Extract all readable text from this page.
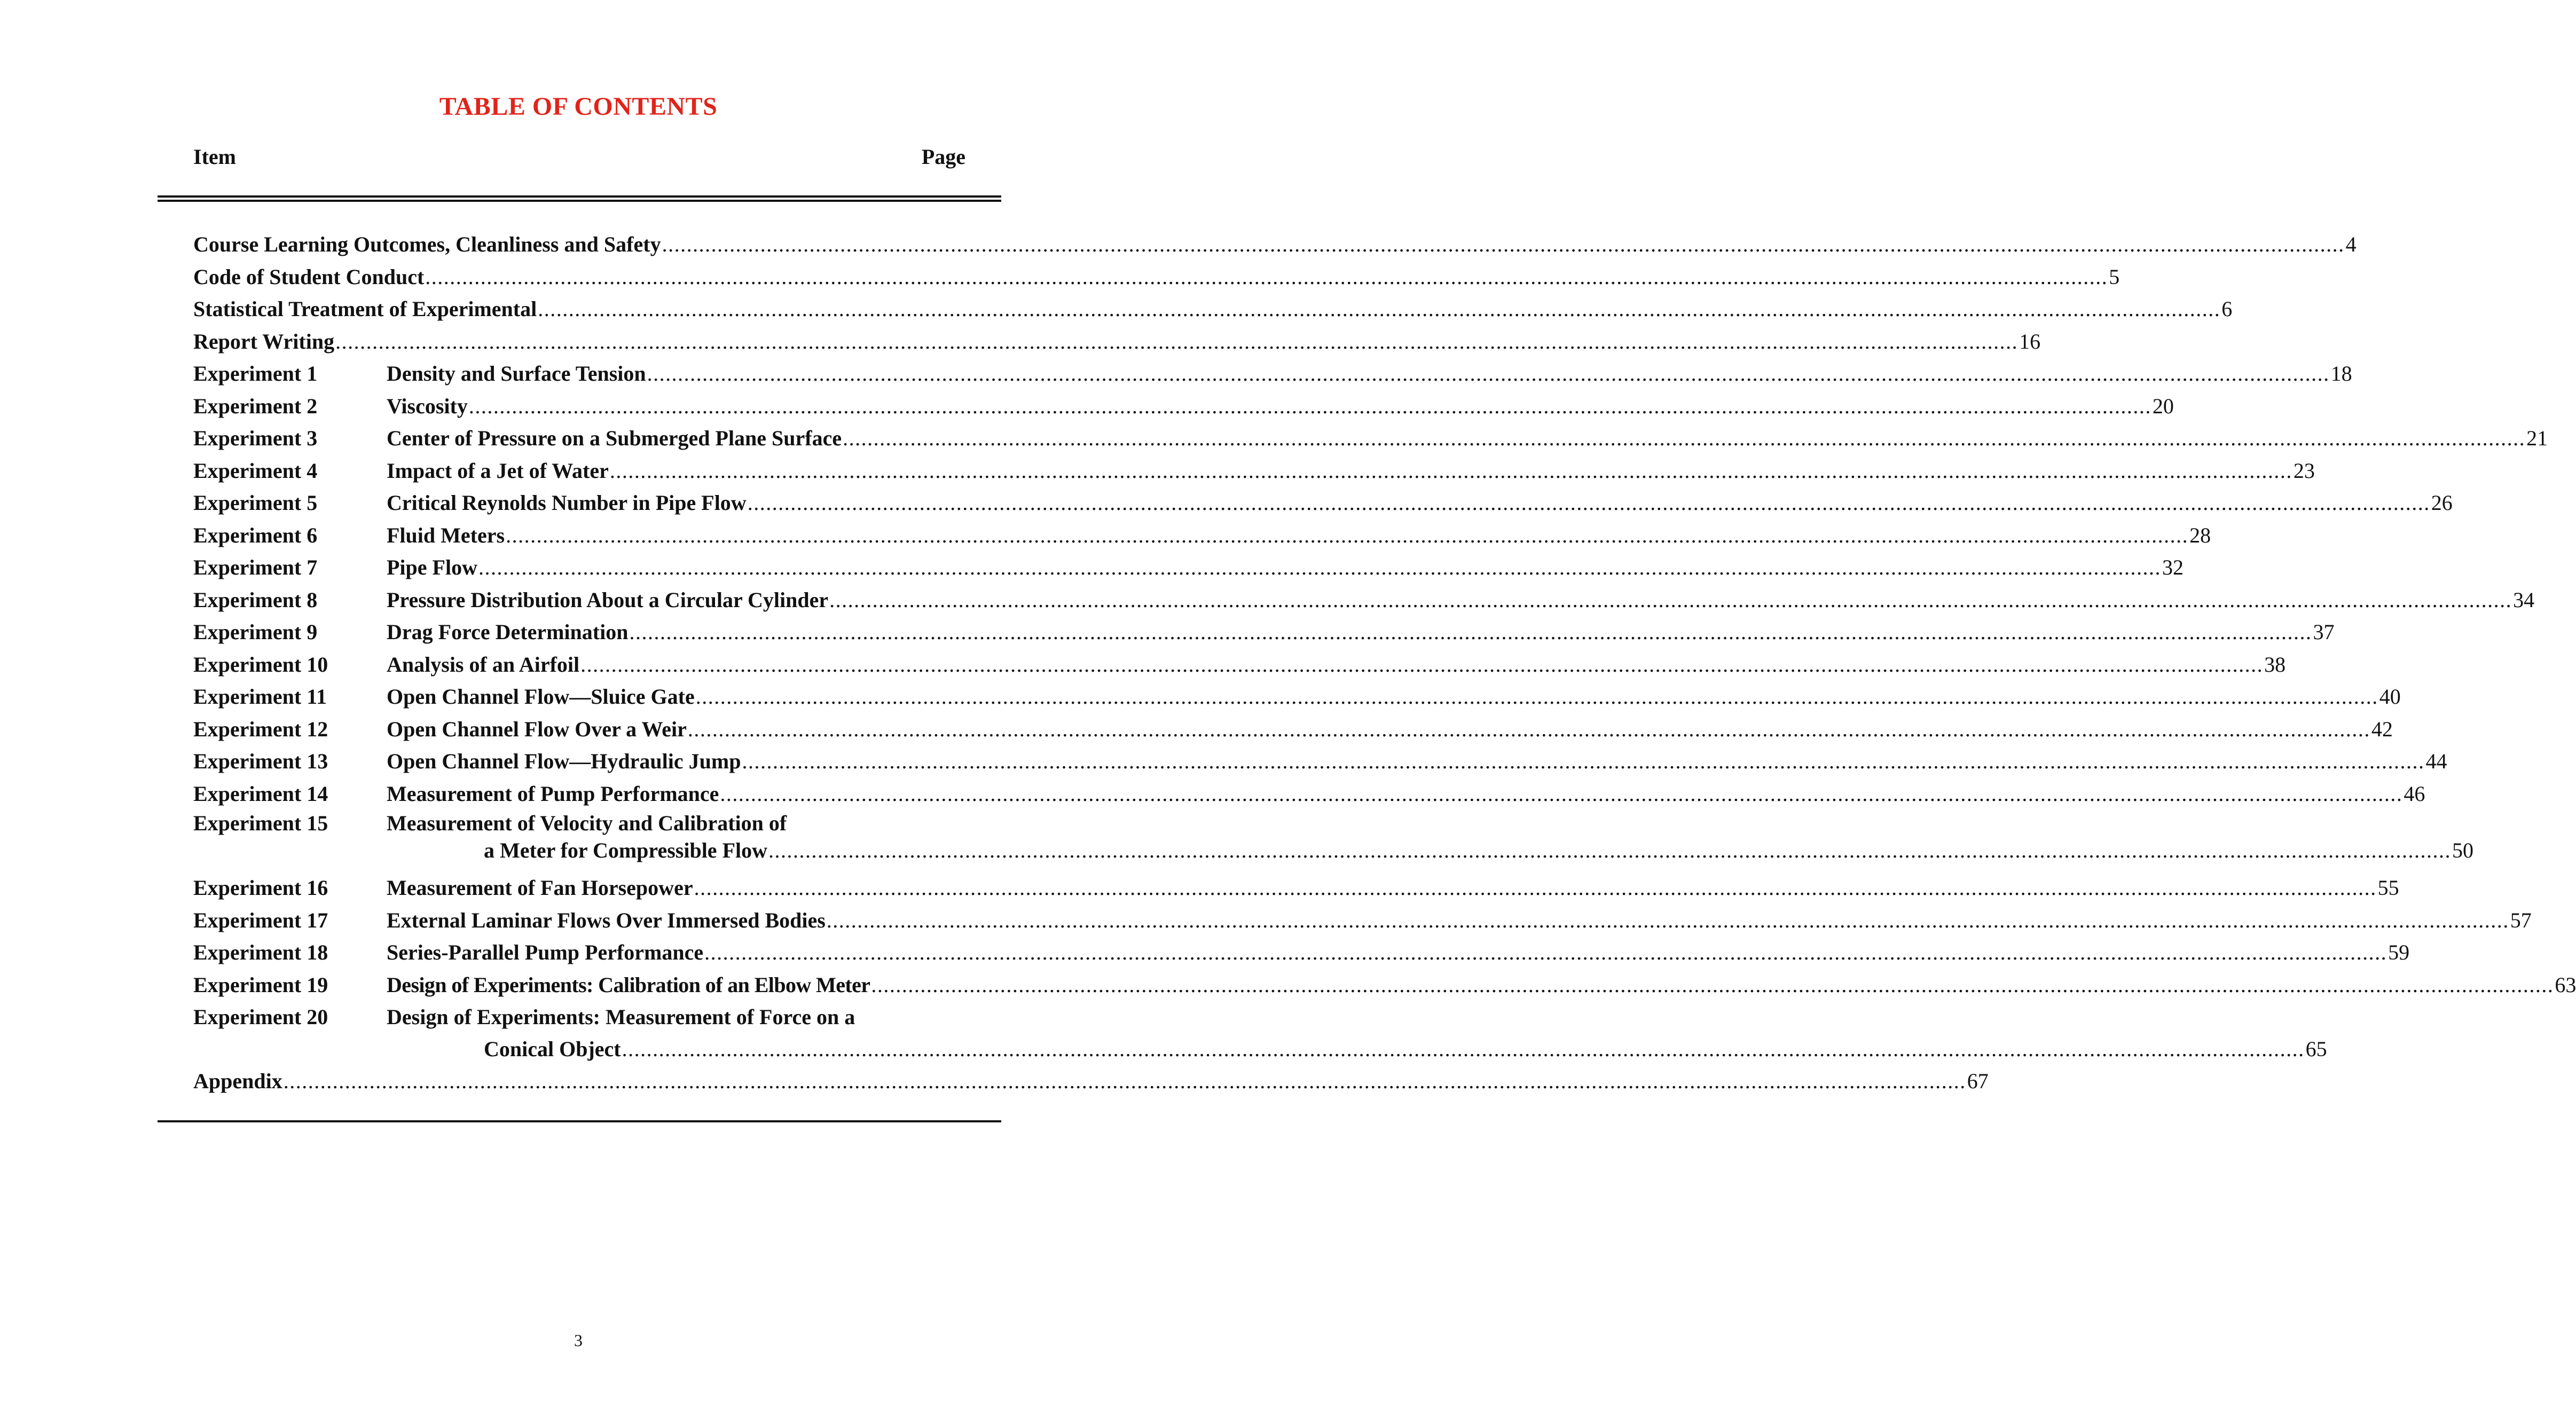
TABLE OF CONTENTS
Item	Page
Course Learning Outcomes, Cleanliness and Safety .....	4
Code of Student Conduct .....	5
Statistical Treatment of Experimental .....	6
Report Writing .....	16
Experiment 1	Density and Surface Tension .....	18
Experiment 2	Viscosity .....	20
Experiment 3	Center of Pressure on a Submerged Plane Surface .....	21
Experiment 4	Impact of a Jet of Water .....	23
Experiment 5	Critical Reynolds Number in Pipe Flow .....	26
Experiment 6	Fluid Meters .....	28
Experiment 7	Pipe Flow .....	32
Experiment 8	Pressure Distribution About a Circular Cylinder .....	34
Experiment 9	Drag Force Determination .....	37
Experiment 10	Analysis of an Airfoil .....	38
Experiment 11	Open Channel Flow—Sluice Gate .....	40
Experiment 12	Open Channel Flow Over a Weir .....	42
Experiment 13	Open Channel Flow—Hydraulic Jump .....	44
Experiment 14	Measurement of Pump Performance .....	46
Experiment 15	Measurement of Velocity and Calibration of
a Meter for Compressible Flow .....	50
Experiment 16	Measurement of Fan Horsepower .....	55
Experiment 17	External Laminar Flows Over Immersed Bodies .....	57
Experiment 18	Series-Parallel Pump Performance .....	59
Experiment 19	Design of Experiments: Calibration of an Elbow Meter .....	63
Experiment 20	Design of Experiments: Measurement of Force on a
Conical Object .....	65
Appendix .....	67
3
